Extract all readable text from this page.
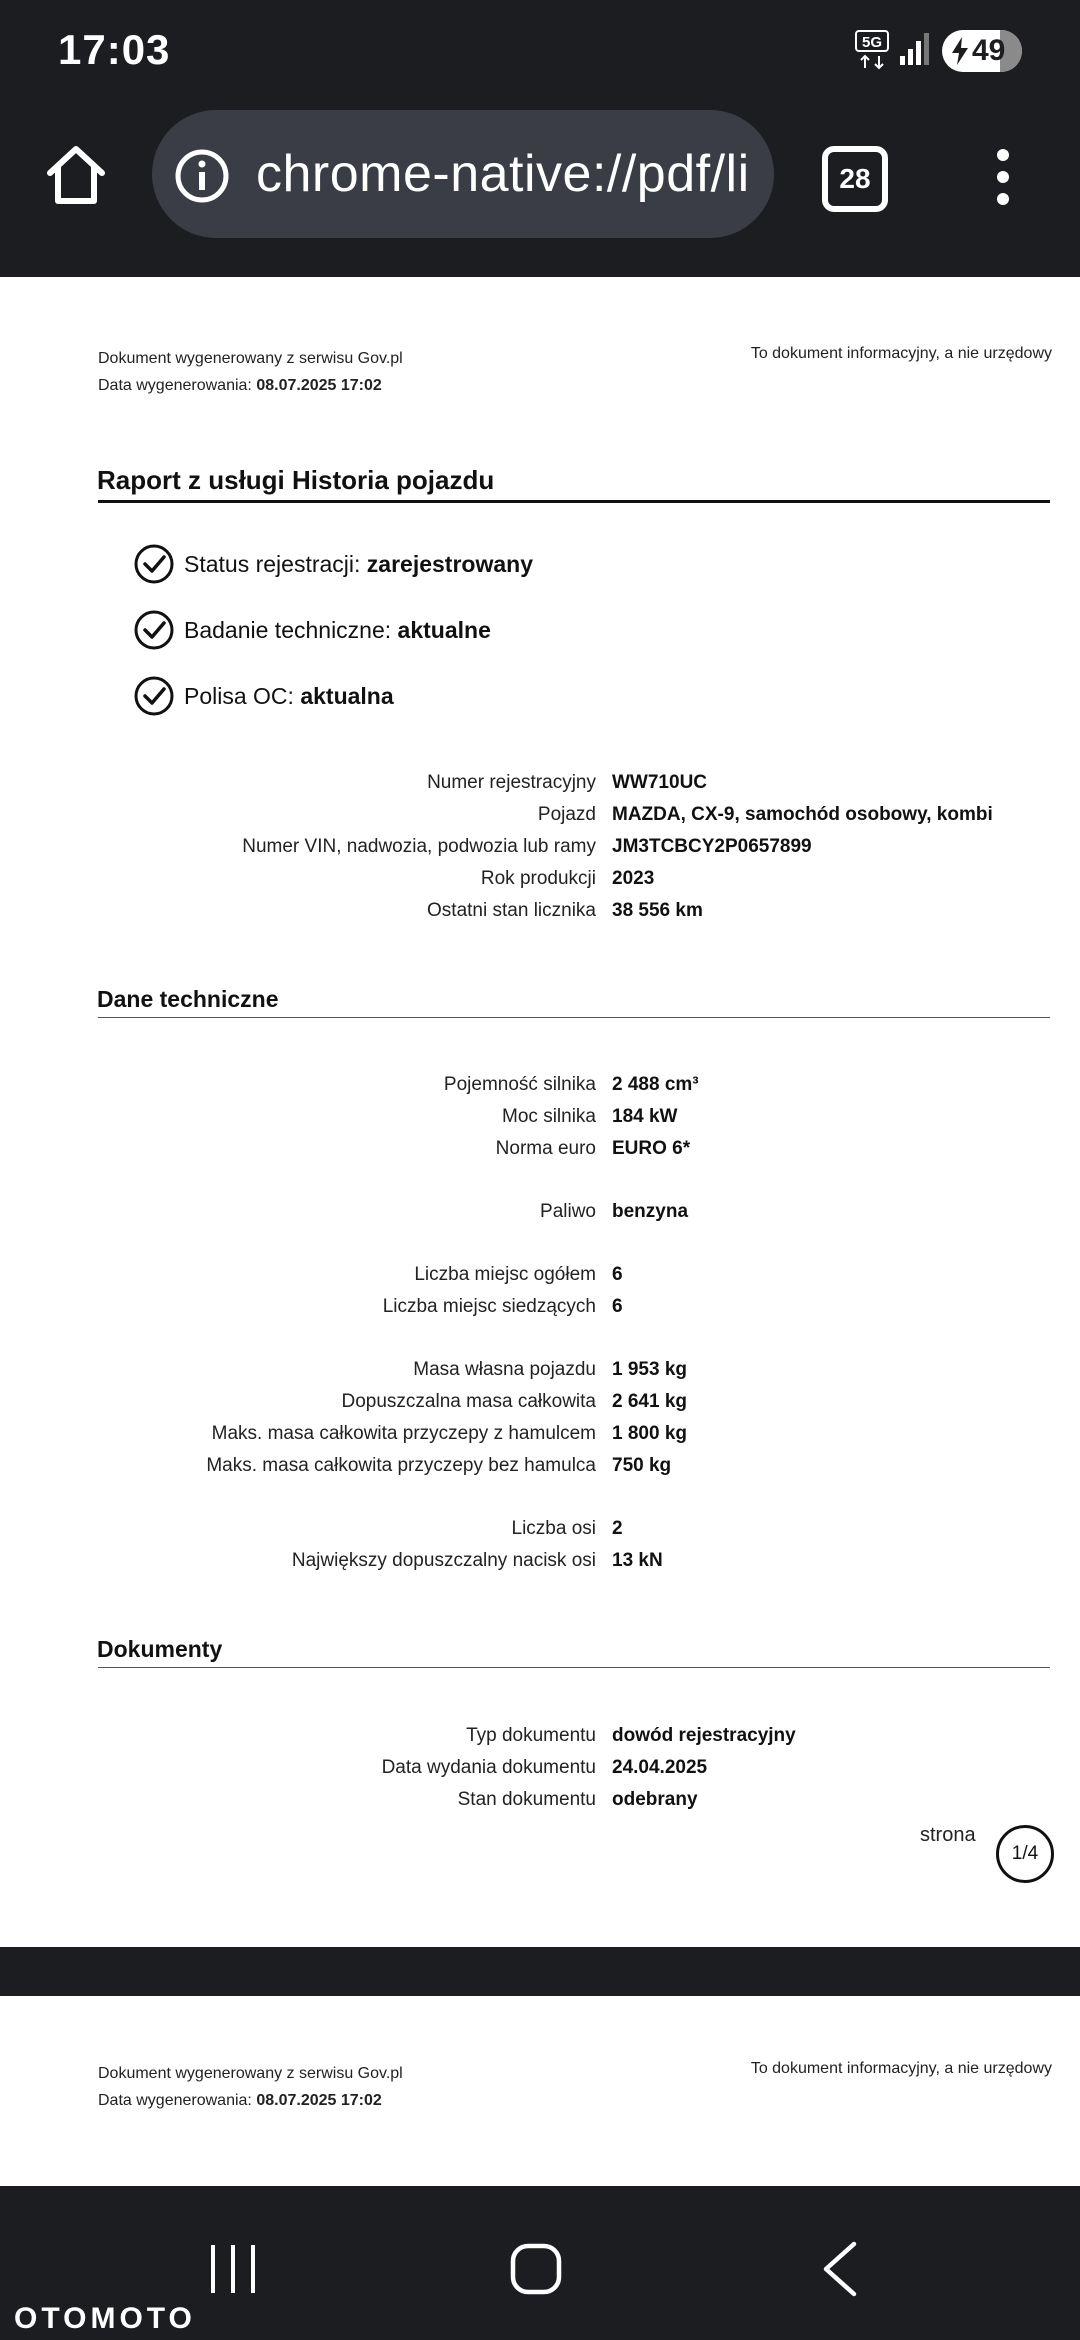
17:03	5G	49
chrome-native://pdf/li	28
Dokument wygenerowany z serwisu Gov.pl
Data wygenerowania: 08.07.2025 17:02
To dokument informacyjny, a nie urzędowy
Raport z usługi Historia pojazdu
Status rejestracji:
zarejestrowany
Badanie techniczne:
aktualne
Polisa OC:
aktualna
Numer rejestracyjny WW710UC
Pojazd MAZDA, CX-9, samochód osobowy, kombi
Numer VIN, nadwozia, podwozia lub ramy JM3TCBCY2P0657899
Rok produkcji 2023
Ostatni stan licznika 38 556 km
Dane techniczne
Pojemność silnika 2 488 cm³
Moc silnika 184 kW
Norma euro EURO 6*
Paliwo benzyna
Liczba miejsc ogółem 6
Liczba miejsc siedzących 6
Masa własna pojazdu 1 953 kg
Dopuszczalna masa całkowita 2 641 kg
Maks. masa całkowita przyczepy z hamulcem 1 800 kg
Maks. masa całkowita przyczepy bez hamulca 750 kg
Liczba osi 2
Największy dopuszczalny nacisk osi 13 kN
Dokumenty
Typ dokumentu dowód rejestracyjny
Data wydania dokumentu 24.04.2025
Stan dokumentu odebrany
strona
1/4
Dokument wygenerowany z serwisu Gov.pl
Data wygenerowania: 08.07.2025 17:02
To dokument informacyjny, a nie urzędowy
OTOMOTO
